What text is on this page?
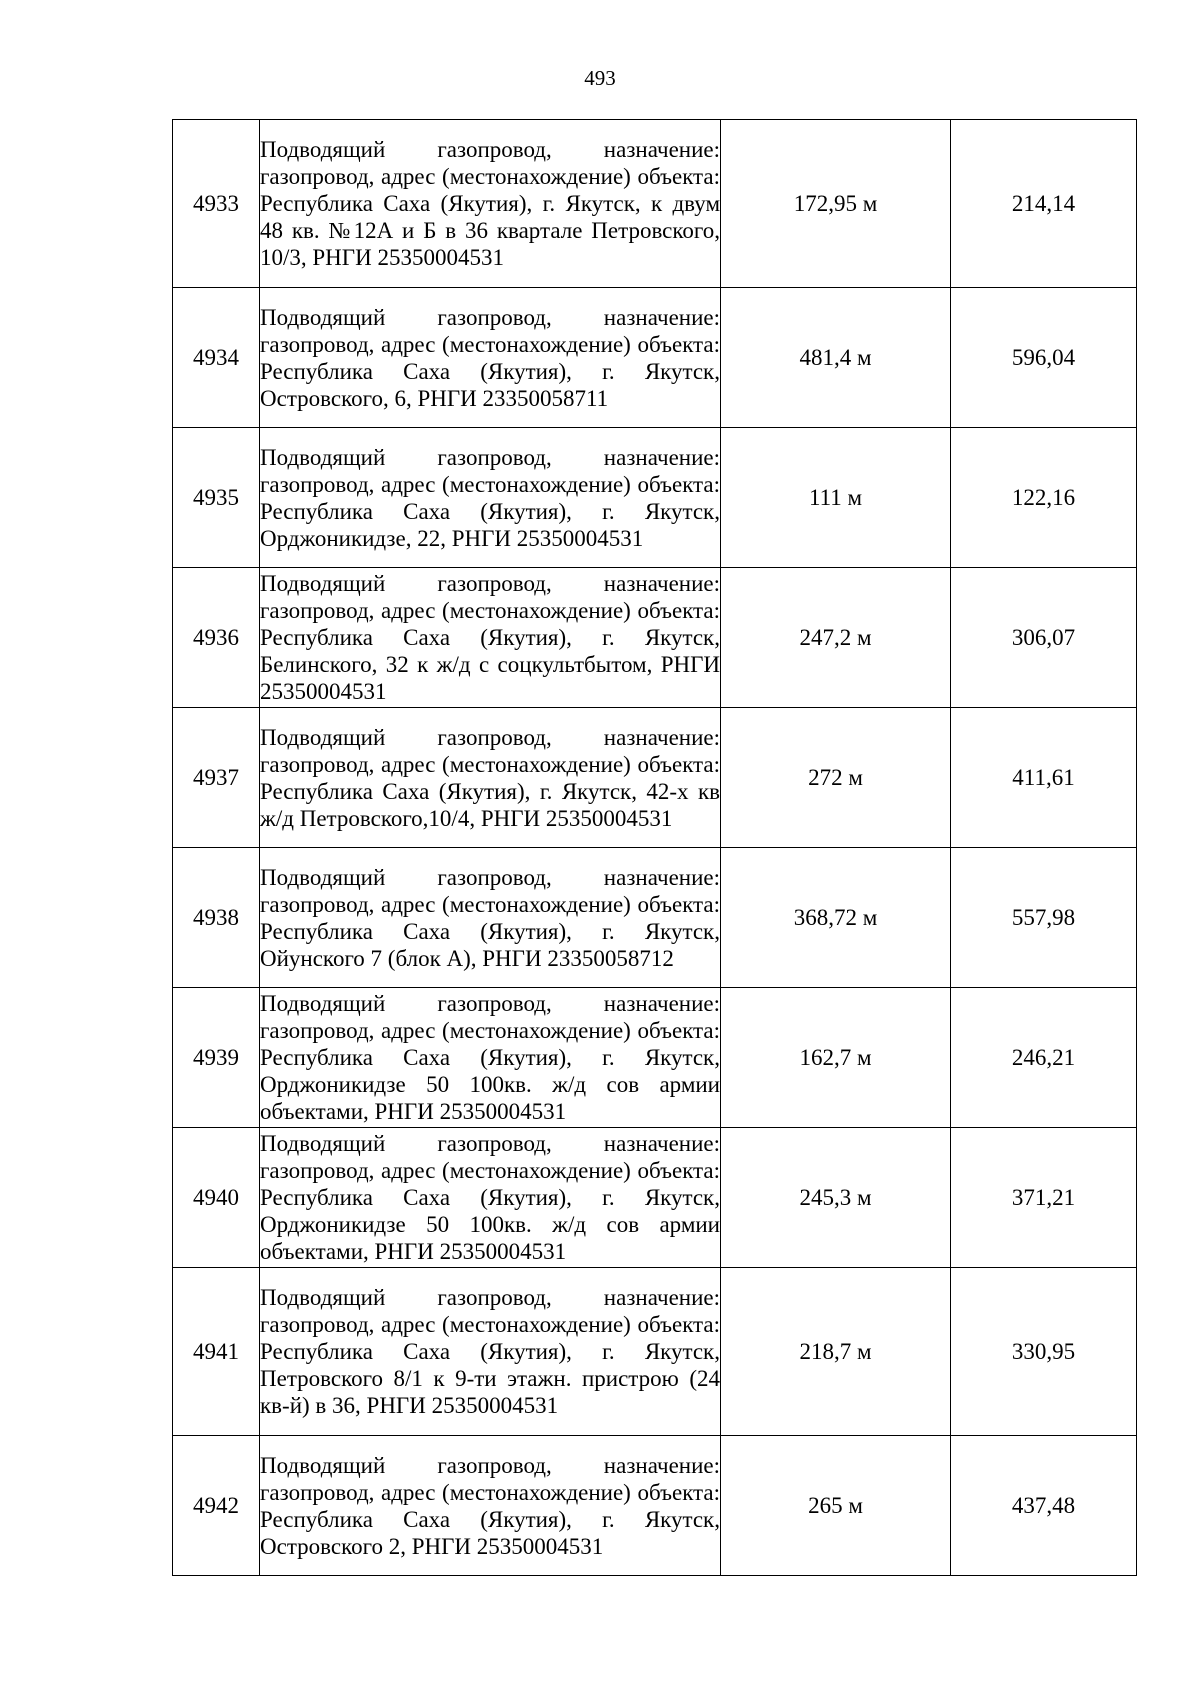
493
4933	Подводящий газопровод, назначение: газопровод, адрес (местонахождение) объекта: Республика Саха (Якутия), г. Якутск, к двум 48 кв. №12А и Б в 36 квартале Петровского, 10/3, РНГИ 25350004531	172,95 м	214,14
4934	Подводящий газопровод, назначение: газопровод, адрес (местонахождение) объекта: Республика Саха (Якутия), г. Якутск, Островского, 6, РНГИ 23350058711	481,4 м	596,04
4935	Подводящий газопровод, назначение: газопровод, адрес (местонахождение) объекта: Республика Саха (Якутия), г. Якутск, Орджоникидзе, 22, РНГИ 25350004531	111 м	122,16
4936	Подводящий газопровод, назначение: газопровод, адрес (местонахождение) объекта: Республика Саха (Якутия), г. Якутск, Белинского, 32 к ж/д с соцкультбытом, РНГИ 25350004531	247,2 м	306,07
4937	Подводящий газопровод, назначение: газопровод, адрес (местонахождение) объекта: Республика Саха (Якутия), г. Якутск, 42-х кв ж/д Петровского,10/4, РНГИ 25350004531	272 м	411,61
4938	Подводящий газопровод, назначение: газопровод, адрес (местонахождение) объекта: Республика Саха (Якутия), г. Якутск, Ойунского 7 (блок А), РНГИ 23350058712	368,72 м	557,98
4939	Подводящий газопровод, назначение: газопровод, адрес (местонахождение) объекта: Республика Саха (Якутия), г. Якутск, Орджоникидзе 50 100кв. ж/д сов армии объектами, РНГИ 25350004531	162,7 м	246,21
4940	Подводящий газопровод, назначение: газопровод, адрес (местонахождение) объекта: Республика Саха (Якутия), г. Якутск, Орджоникидзе 50 100кв. ж/д сов армии объектами, РНГИ 25350004531	245,3 м	371,21
4941	Подводящий газопровод, назначение: газопровод, адрес (местонахождение) объекта: Республика Саха (Якутия), г. Якутск, Петровского 8/1 к 9-ти этажн. пристрою (24 кв-й) в 36, РНГИ 25350004531	218,7 м	330,95
4942	Подводящий газопровод, назначение: газопровод, адрес (местонахождение) объекта: Республика Саха (Якутия), г. Якутск, Островского 2, РНГИ 25350004531	265 м	437,48
